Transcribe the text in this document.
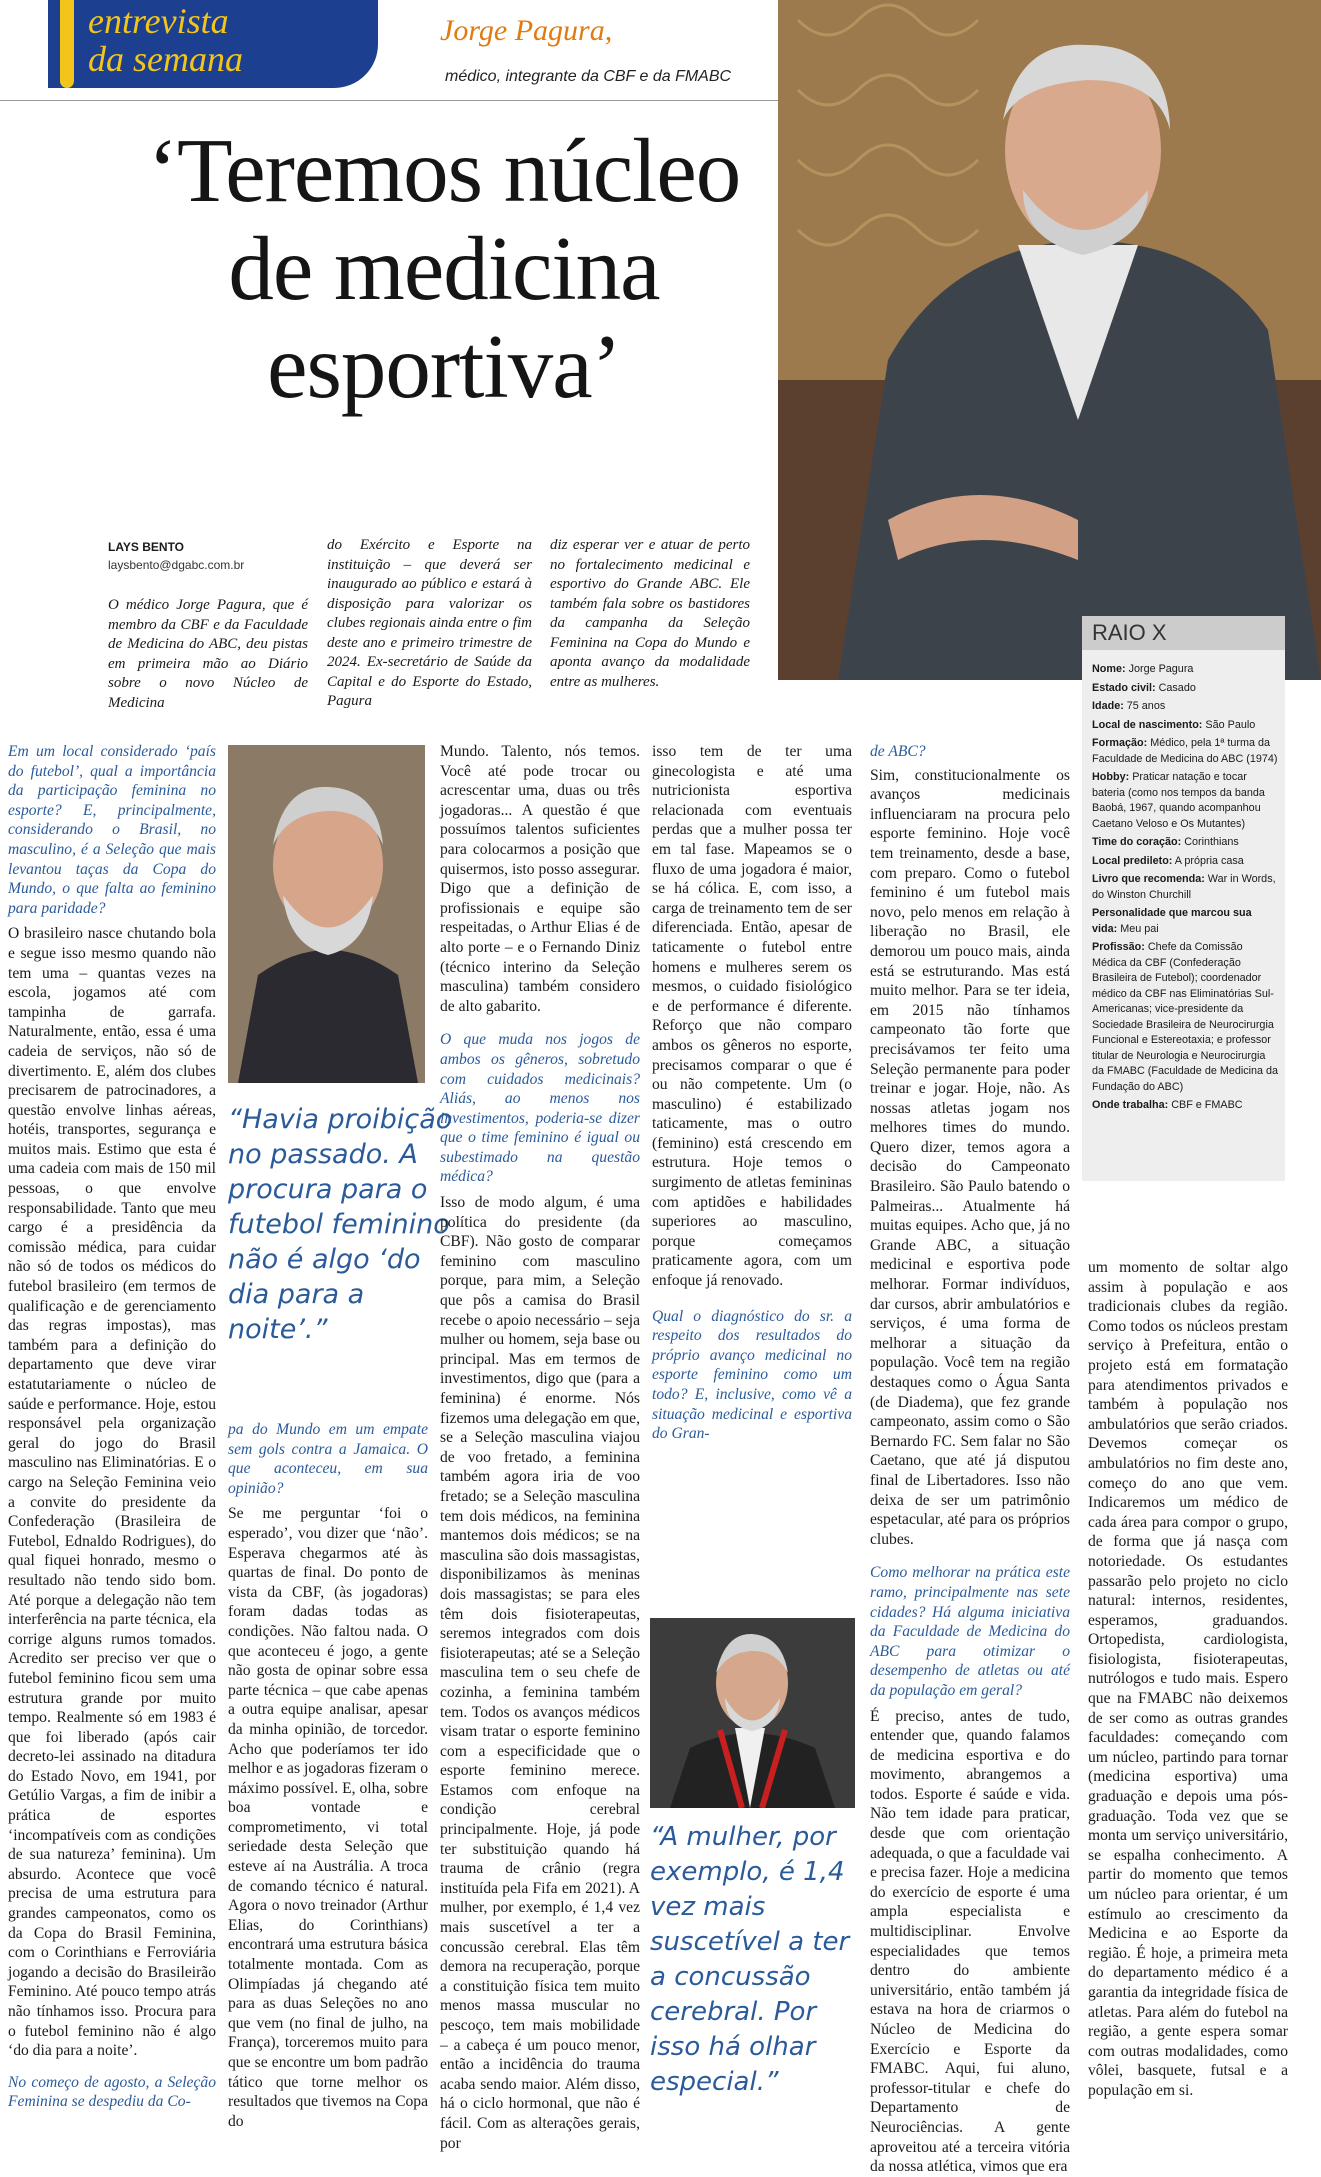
entrevista
da semana
Jorge Pagura,
médico, integrante da CBF e da FMABC
‘Teremos núcleo
de medicina
esportiva’
LAYS BENTO
laysbento@dgabc.com.br
O médico Jorge Pagura, que é membro da CBF e da Faculdade de Medicina do ABC, deu pistas em primeira mão ao Diário sobre o novo Núcleo de Medicina
do Exército e Esporte na instituição – que deverá ser inaugurado ao público e estará à disposição para valorizar os clubes regionais ainda entre o fim deste ano e primeiro trimestre de 2024. Ex-secretário de Saúde da Capital e do Esporte do Estado, Pagura
diz esperar ver e atuar de perto no fortalecimento medicinal e esportivo do Grande ABC. Ele também fala sobre os bastidores da campanha da Seleção Feminina na Copa do Mundo e aponta avanço da modalidade entre as mulheres.
RAIO X
Nome: Jorge Pagura
Estado civil: Casado
Idade: 75 anos
Local de nascimento: São Paulo
Formação: Médico, pela 1ª turma da Faculdade de Medicina do ABC (1974)
Hobby: Praticar natação e tocar bateria (como nos tempos da banda Baobá, 1967, quando acompanhou Caetano Veloso e Os Mutantes)
Time do coração: Corinthians
Local predileto: A própria casa
Livro que recomenda: War in Words, do Winston Churchill
Personalidade que marcou sua vida: Meu pai
Profissão: Chefe da Comissão Médica da CBF (Confederação Brasileira de Futebol); coordenador médico da CBF nas Eliminatórias Sul-Americanas; vice-presidente da Sociedade Brasileira de Neurocirurgia Funcional e Estereotaxia; e professor titular de Neurologia e Neurocirurgia da FMABC (Faculdade de Medicina da Fundação do ABC)
Onde trabalha: CBF e FMABC
“Havia proibição no passado. A procura para o futebol feminino não é algo ‘do dia para a noite’.”
“A mulher, por exemplo, é 1,4 vez mais suscetível a ter a concussão cerebral. Por isso há olhar especial.”

Em um local considerado ‘país do futebol’, qual a importância da participação feminina no esporte? E, principalmente, considerando o Brasil, no masculino, é a Seleção que mais levantou taças da Copa do Mundo, o que falta ao feminino para paridade?

O brasileiro nasce chutando bola e segue isso mesmo quando não tem uma – quantas vezes na escola, jogamos até com tampinha de garrafa. Naturalmente, então, essa é uma cadeia de serviços, não só de divertimento. E, além dos clubes precisarem de patrocinadores, a questão envolve linhas aéreas, hotéis, transportes, segurança e muitos mais. Estimo que esta é uma cadeia com mais de 150 mil pessoas, o que envolve responsabilidade. Tanto que meu cargo é a presidência da comissão médica, para cuidar não só de todos os médicos do futebol brasileiro (em termos de qualificação e de gerenciamento das regras impostas), mas também para a definição do departamento que deve virar estatutariamente o núcleo de saúde e performance. Hoje, estou responsável pela organização geral do jogo do Brasil masculino nas Eliminatórias. E o cargo na Seleção Feminina veio a convite do presidente da Confederação (Brasileira de Futebol, Ednaldo Rodrigues), do qual fiquei honrado, mesmo o resultado não tendo sido bom. Até porque a delegação não tem interferência na parte técnica, ela corrige alguns rumos tomados. Acredito ser preciso ver que o futebol feminino ficou sem uma estrutura grande por muito tempo. Realmente só em 1983 é que foi liberado (após cair decreto-lei assinado na ditadura do Estado Novo, em 1941, por Getúlio Vargas, a fim de inibir a prática de esportes ‘incompatíveis com as condições de sua natureza’ feminina). Um absurdo. Acontece que você precisa de uma estrutura para grandes campeonatos, como os da Copa do Brasil Feminina, com o Corinthians e Ferroviária jogando a decisão do Brasileirão Feminino. Até pouco tempo atrás não tínhamos isso. Procura para o futebol feminino não é algo ‘do dia para a noite’.

No começo de agosto, a Seleção Feminina se despediu da Co-

pa do Mundo em um empate sem gols contra a Jamaica. O que aconteceu, em sua opinião?

Se me perguntar ‘foi o esperado’, vou dizer que ‘não’. Esperava chegarmos até às quartas de final. Do ponto de vista da CBF, (às jogadoras) foram dadas todas as condições. Não faltou nada. O que aconteceu é jogo, a gente não gosta de opinar sobre essa parte técnica – que cabe apenas a outra equipe analisar, apesar da minha opinião, de torcedor. Acho que poderíamos ter ido melhor e as jogadoras fizeram o máximo possível. E, olha, sobre boa vontade e comprometimento, vi total seriedade desta Seleção que esteve aí na Austrália. A troca de comando técnico é natural. Agora o novo treinador (Arthur Elias, do Corinthians) encontrará uma estrutura básica totalmente montada. Com as Olimpíadas já chegando até para as duas Seleções no ano que vem (no final de julho, na França), torceremos muito para que se encontre um bom padrão tático que torne melhor os resultados que tivemos na Copa do

Mundo. Talento, nós temos. Você até pode trocar ou acrescentar uma, duas ou três jogadoras... A questão é que possuímos talentos suficientes para colocarmos a posição que quisermos, isto posso assegurar. Digo que a definição de profissionais e equipe são respeitadas, o Arthur Elias é de alto porte – e o Fernando Diniz (técnico interino da Seleção masculina) também considero de alto gabarito.

O que muda nos jogos de ambos os gêneros, sobretudo com cuidados medicinais? Aliás, ao menos nos investimentos, poderia-se dizer que o time feminino é igual ou subestimado na questão médica?

Isso de modo algum, é uma política do presidente (da CBF). Não gosto de comparar feminino com masculino porque, para mim, a Seleção que pôs a camisa do Brasil recebe o apoio necessário – seja mulher ou homem, seja base ou principal. Mas em termos de investimentos, digo que (para a feminina) é enorme. Nós fizemos uma delegação em que, se a Seleção masculina viajou de voo fretado, a feminina também agora iria de voo fretado; se a Seleção masculina tem dois médicos, na feminina mantemos dois médicos; se na masculina são dois massagistas, disponibilizamos às meninas dois massagistas; se para eles têm dois fisioterapeutas, seremos integrados com dois fisioterapeutas; até se a Seleção masculina tem o seu chefe de cozinha, a feminina também tem. Todos os avanços médicos visam tratar o esporte feminino com a especificidade que o esporte feminino merece. Estamos com enfoque na condição cerebral principalmente. Hoje, já pode ter substituição quando há trauma de crânio (regra instituída pela Fifa em 2021). A mulher, por exemplo, é 1,4 vez mais suscetível a ter a concussão cerebral. Elas têm demora na recuperação, porque a constituição física tem muito menos massa muscular no pescoço, tem mais mobilidade – a cabeça é um pouco menor, então a incidência do trauma acaba sendo maior. Além disso, há o ciclo hormonal, que não é fácil. Com as alterações gerais, por

isso tem de ter uma ginecologista e até uma nutricionista esportiva relacionada com eventuais perdas que a mulher possa ter em tal fase. Mapeamos se o fluxo de uma jogadora é maior, se há cólica. E, com isso, a carga de treinamento tem de ser diferenciada. Então, apesar de taticamente o futebol entre homens e mulheres serem os mesmos, o cuidado fisiológico e de performance é diferente. Reforço que não comparo ambos os gêneros no esporte, precisamos comparar o que é ou não competente. Um (o masculino) é estabilizado taticamente, mas o outro (feminino) está crescendo em estrutura. Hoje temos o surgimento de atletas femininas com aptidões e habilidades superiores ao masculino, porque começamos praticamente agora, com um enfoque já renovado.

Qual o diagnóstico do sr. a respeito dos resultados do próprio avanço medicinal no esporte feminino como um todo? E, inclusive, como vê a situação medicinal e esportiva do Gran-

de ABC?

Sim, constitucionalmente os avanços medicinais influenciaram na procura pelo esporte feminino. Hoje você tem treinamento, desde a base, com preparo. Como o futebol feminino é um futebol mais novo, pelo menos em relação à liberação no Brasil, ele demorou um pouco mais, ainda está se estruturando. Mas está muito melhor. Para se ter ideia, em 2015 não tínhamos campeonato tão forte que precisávamos ter feito uma Seleção permanente para poder treinar e jogar. Hoje, não. As nossas atletas jogam nos melhores times do mundo. Quero dizer, temos agora a decisão do Campeonato Brasileiro. São Paulo batendo o Palmeiras... Atualmente há muitas equipes. Acho que, já no Grande ABC, a situação medicinal e esportiva pode melhorar. Formar indivíduos, dar cursos, abrir ambulatórios e serviços, é uma forma de melhorar a situação da população. Você tem na região destaques como o Água Santa (de Diadema), que fez grande campeonato, assim como o São Bernardo FC. Sem falar no São Caetano, que até já disputou final de Libertadores. Isso não deixa de ser um patrimônio espetacular, até para os próprios clubes.

Como melhorar na prática este ramo, principalmente nas sete cidades? Há alguma iniciativa da Faculdade de Medicina do ABC para otimizar o desempenho de atletas ou até da população em geral?

É preciso, antes de tudo, entender que, quando falamos de medicina esportiva e do movimento, abrangemos a todos. Esporte é saúde e vida. Não tem idade para praticar, desde que com orientação adequada, o que a faculdade vai e precisa fazer. Hoje a medicina do exercício de esporte é uma ampla especialista e multidisciplinar. Envolve especialidades que temos dentro do ambiente universitário, então também já estava na hora de criarmos o Núcleo de Medicina do Exercício e Esporte da FMABC. Aqui, fui aluno, professor-titular e chefe do Departamento de Neurociências. A gente aproveitou até a terceira vitória da nossa atlética, vimos que era

um momento de soltar algo assim à população e aos tradicionais clubes da região. Como todos os núcleos prestam serviço à Prefeitura, então o projeto está em formatação para atendimentos privados e também à população nos ambulatórios que serão criados. Devemos começar os ambulatórios no fim deste ano, começo do ano que vem. Indicaremos um médico de cada área para compor o grupo, de forma que já nasça com notoriedade. Os estudantes passarão pelo projeto no ciclo natural: internos, residentes, esperamos, graduandos. Ortopedista, cardiologista, fisiologista, fisioterapeutas, nutrólogos e tudo mais. Espero que na FMABC não deixemos de ser como as outras grandes faculdades: começando com um núcleo, partindo para tornar (medicina esportiva) uma graduação e depois uma pós-graduação. Toda vez que se monta um serviço universitário, se espalha conhecimento. A partir do momento que temos um núcleo para orientar, é um estímulo ao crescimento da Medicina e ao Esporte da região. É hoje, a primeira meta do departamento médico é a garantia da integridade física de atletas. Para além do futebol na região, a gente espera somar com outras modalidades, como vôlei, basquete, futsal e a população em si.
